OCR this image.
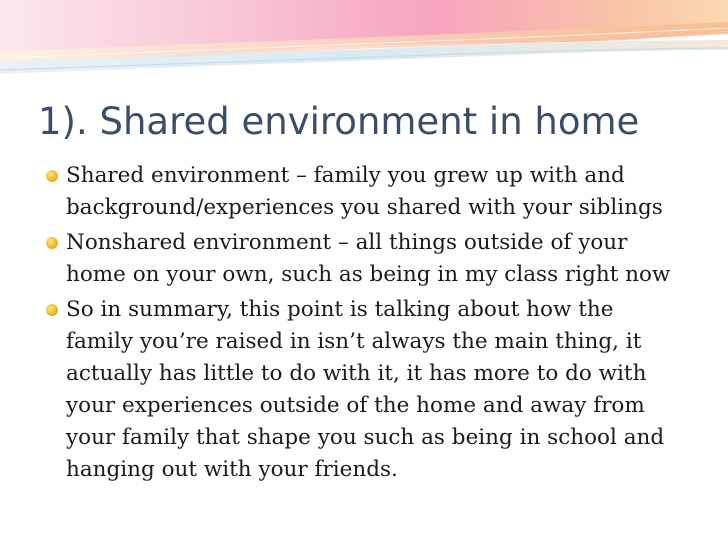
1). Shared environment in home
Shared environment – family you grew up with and background/experiences you shared with your siblings
Nonshared environment – all things outside of your home on your own, such as being in my class right now
So in summary, this point is talking about how the family you’re raised in isn’t always the main thing, it actually has little to do with it, it has more to do with your experiences outside of the home and away from your family that shape you such as being in school and hanging out with your friends.
